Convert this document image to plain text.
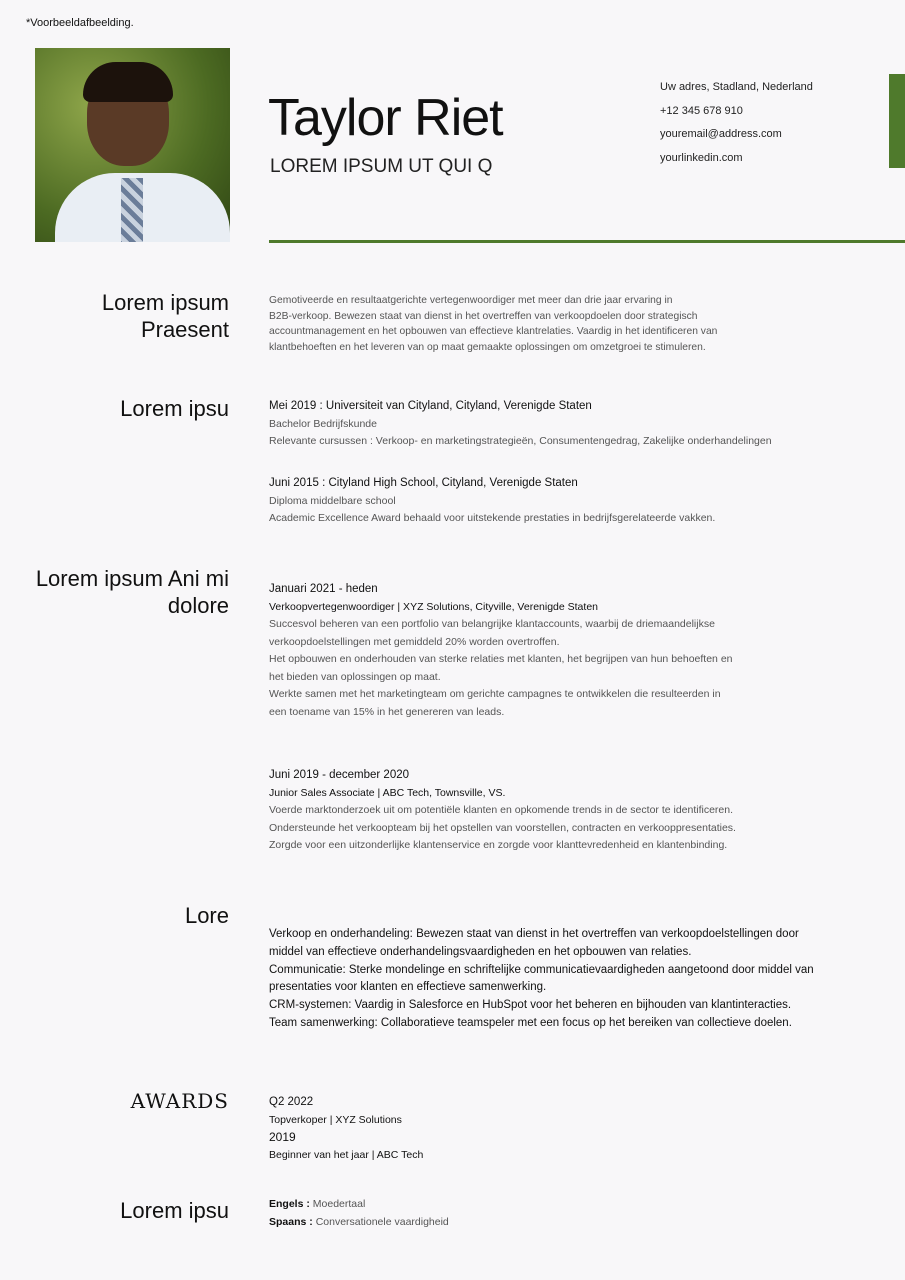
*Voorbeeldafbeelding.
Taylor Riet
LOREM IPSUM UT QUI Q
Uw adres, Stadland, Nederland
+12 345 678 910
youremail@address.com
yourlinkedin.com
Lorem ipsum Praesent
Gemotiveerde en resultaatgerichte vertegenwoordiger met meer dan drie jaar ervaring in
B2B-verkoop. Bewezen staat van dienst in het overtreffen van verkoopdoelen door strategisch
accountmanagement en het opbouwen van effectieve klantrelaties. Vaardig in het identificeren van
klantbehoeften en het leveren van op maat gemaakte oplossingen om omzetgroei te stimuleren.
Lorem ipsu	Mei 2019 : Universiteit van Cityland, Cityland, Verenigde Staten
Bachelor Bedrijfskunde
Relevante cursussen : Verkoop- en marketingstrategieën, Consumentengedrag, Zakelijke onderhandelingen
Juni 2015 : Cityland High School, Cityland, Verenigde Staten
Diploma middelbare school
Academic Excellence Award behaald voor uitstekende prestaties in bedrijfsgerelateerde vakken.
Lorem ipsum Ani mi dolore
Januari 2021 - heden
Verkoopvertegenwoordiger | XYZ Solutions, Cityville, Verenigde Staten
Succesvol beheren van een portfolio van belangrijke klantaccounts, waarbij de driemaandelijkse
verkoopdoelstellingen met gemiddeld 20% worden overtroffen.
Het opbouwen en onderhouden van sterke relaties met klanten, het begrijpen van hun behoeften en
het bieden van oplossingen op maat.
Werkte samen met het marketingteam om gerichte campagnes te ontwikkelen die resulteerden in
een toename van 15% in het genereren van leads.
Juni 2019 - december 2020
Junior Sales Associate | ABC Tech, Townsville, VS.
Voerde marktonderzoek uit om potentiële klanten en opkomende trends in de sector te identificeren.
Ondersteunde het verkoopteam bij het opstellen van voorstellen, contracten en verkooppresentaties.
Zorgde voor een uitzonderlijke klantenservice en zorgde voor klanttevredenheid en klantenbinding.
Lore
Verkoop en onderhandeling: Bewezen staat van dienst in het overtreffen van verkoopdoelstellingen door
middel van effectieve onderhandelingsvaardigheden en het opbouwen van relaties.
Communicatie: Sterke mondelinge en schriftelijke communicatievaardigheden aangetoond door middel van
presentaties voor klanten en effectieve samenwerking.
CRM-systemen: Vaardig in Salesforce en HubSpot voor het beheren en bijhouden van klantinteracties.
Team samenwerking: Collaboratieve teamspeler met een focus op het bereiken van collectieve doelen.
AWARDS	Q2 2022
Topverkoper | XYZ Solutions
2019
Beginner van het jaar | ABC Tech
Lorem ipsu	Engels : Moedertaal
Spaans : Conversationele vaardigheid
